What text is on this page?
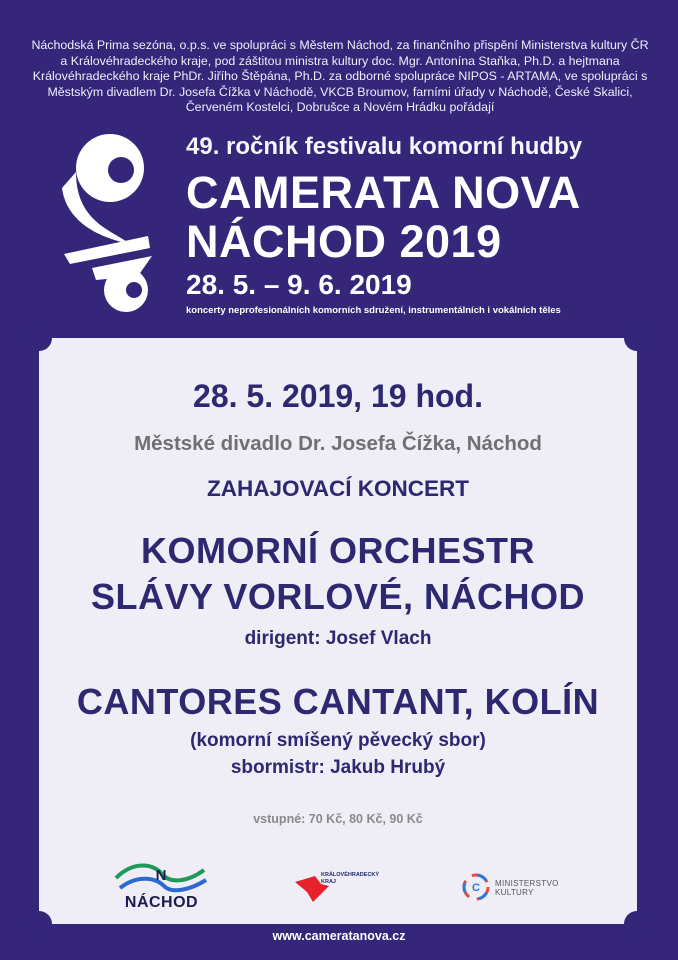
Náchodská Prima sezóna, o.p.s. ve spolupráci s Městem Náchod, za finančního přispění Ministerstva kultury ČR a Královéhradeckého kraje, pod záštitou ministra kultury doc. Mgr. Antonína Staňka, Ph.D. a hejtmana Královéhradeckého kraje PhDr. Jiřího Štěpána, Ph.D. za odborné spolupráce NIPOS - ARTAMA, ve spolupráci s Městským divadlem Dr. Josefa Čížka v Náchodě, VKCB Broumov, farními úřady v Náchodě, České Skalici, Červeném Kostelci, Dobrušce a Novém Hrádku pořádají

49. ročník festivalu komorní hudby

CAMERATA NOVA

NÁCHOD 2019

28. 5. – 9. 6. 2019

koncerty neprofesionálních komorních sdružení, instrumentálních i vokálních těles

28. 5. 2019, 19 hod.

Městské divadlo Dr. Josefa Čížka, Náchod

ZAHAJOVACÍ KONCERT

KOMORNÍ ORCHESTR

SLÁVY VORLOVÉ, NÁCHOD

dirigent: Josef Vlach

CANTORES CANTANT, KOLÍN

(komorní smíšený pěvecký sbor)

sbormistr: Jakub Hrubý

vstupné: 70 Kč, 80 Kč, 90 Kč

N

NÁCHOD

KRÁLOVÉHRADECKÝ KRAJ	C MINISTERSTVO KULTURY

www.cameratanova.cz
